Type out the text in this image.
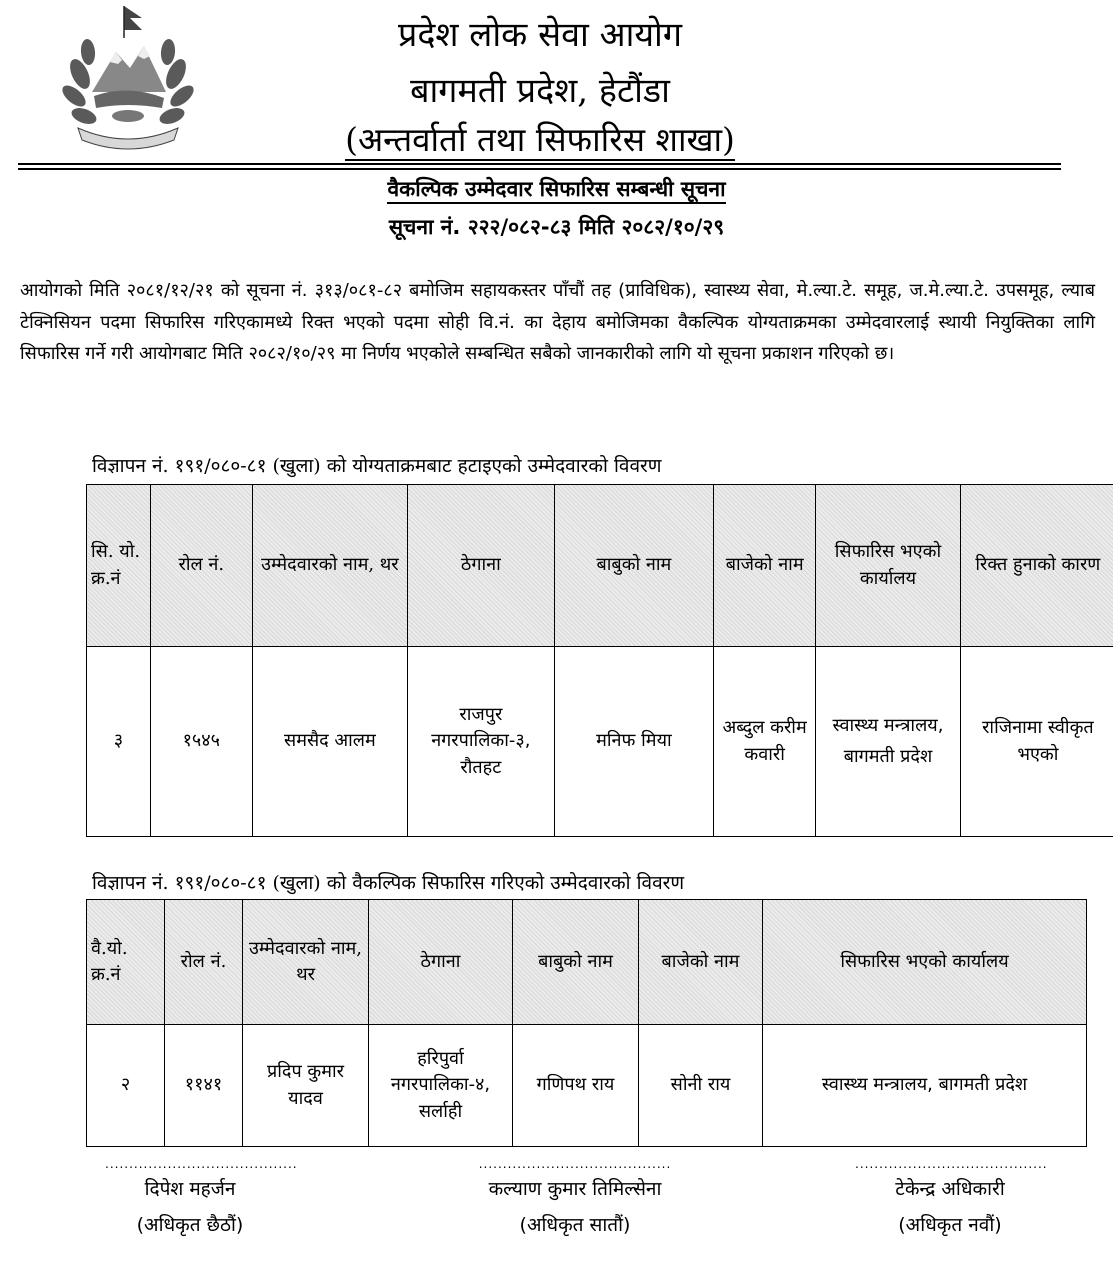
प्रदेश लोक सेवा आयोग
बागमती प्रदेश, हेटौंडा
(अन्तर्वार्ता तथा सिफारिस शाखा)
वैकल्पिक उम्मेदवार सिफारिस सम्बन्धी सूचना
सूचना नं. २२२/०८२-८३ मिति २०८२/१०/२९
आयोगको मिति २०८१/१२/२१ को सूचना नं. ३१३/०८१-८२ बमोजिम सहायकस्तर पाँचौं तह (प्राविधिक), स्वास्थ्य सेवा, मे.ल्या.टे. समूह, ज.मे.ल्या.टे. उपसमूह, ल्याब टेक्निसियन पदमा सिफारिस गरिएकामध्ये रिक्त भएको पदमा सोही वि.नं. का देहाय बमोजिमका वैकल्पिक योग्यताक्रमका उम्मेदवारलाई स्थायी नियुक्तिका लागि सिफारिस गर्ने गरी आयोगबाट मिति २०८२/१०/२९ मा निर्णय भएकोले सम्बन्धित सबैको जानकारीको लागि यो सूचना प्रकाशन गरिएको छ।
विज्ञापन नं. १९१/०८०-८१ (खुला) को योग्यताक्रमबाट हटाइएको उम्मेदवारको विवरण
सि. यो. क्र.नं	रोल नं.	उम्मेदवारको नाम, थर	ठेगाना	बाबुको नाम	बाजेको नाम	सिफारिस भएको कार्यालय	रिक्त हुनाको कारण
३	१५४५	समसैद आलम	राजपुर नगरपालिका-३, रौतहट	मनिफ मिया	अब्दुल करीम कवारी	स्वास्थ्य मन्त्रालय, बागमती प्रदेश	राजिनामा स्वीकृत भएको
विज्ञापन नं. १९१/०८०-८१ (खुला) को वैकल्पिक सिफारिस गरिएको उम्मेदवारको विवरण
वै.यो. क्र.नं	रोल नं.	उम्मेदवारको नाम, थर	ठेगाना	बाबुको नाम	बाजेको नाम	सिफारिस भएको कार्यालय
२	११४१	प्रदिप कुमार यादव	हरिपुर्वा नगरपालिका-४, सर्लाही	गणिपथ राय	सोनी राय	स्वास्थ्य मन्त्रालय, बागमती प्रदेश
........................................
दिपेश महर्जन
(अधिकृत छैठौं)
........................................
कल्याण कुमार तिमिल्सेना
(अधिकृत सातौं)
........................................
टेकेन्द्र अधिकारी
(अधिकृत नवौं)
